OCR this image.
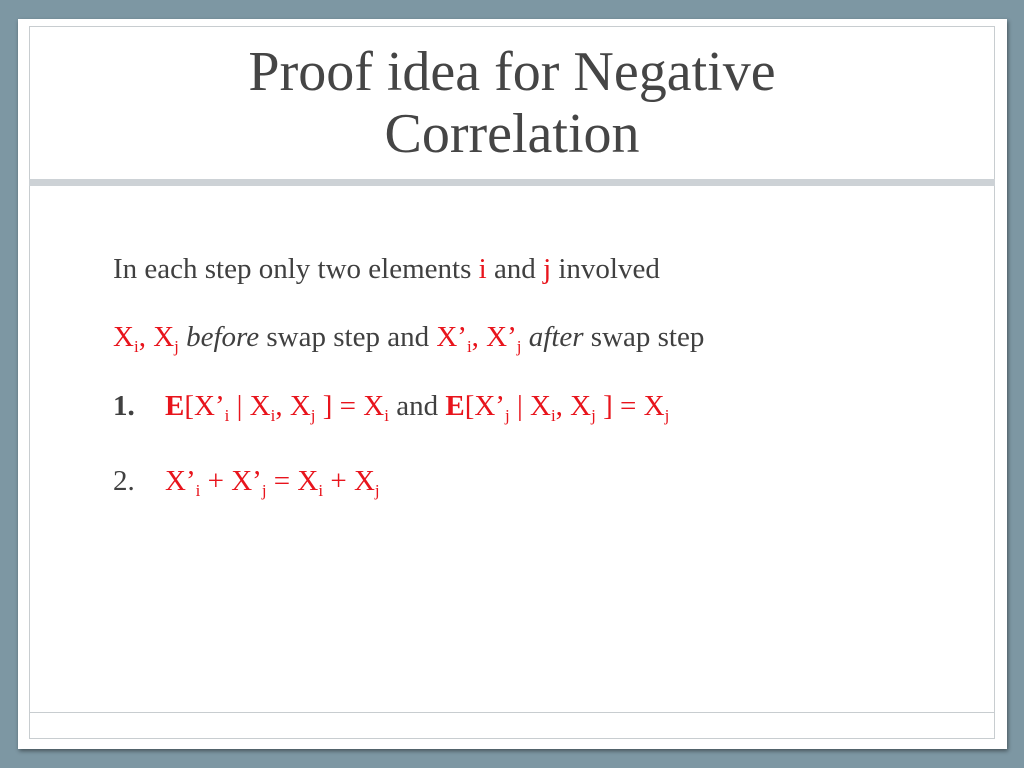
Proof idea for Negative
Correlation
In each step only two elements i and j involved
$X_i$, $X_j$ before swap step and $X’_i$, $X’_j$ after swap step
1. $E[X’_i$ | $X_i$, $X_j$ ] = $X_i$ and $E[X’_j$ | $X_i$, $X_j$ ] = $X_j$
2. $X’_i$ + $X’_j = X_i + X_j$
